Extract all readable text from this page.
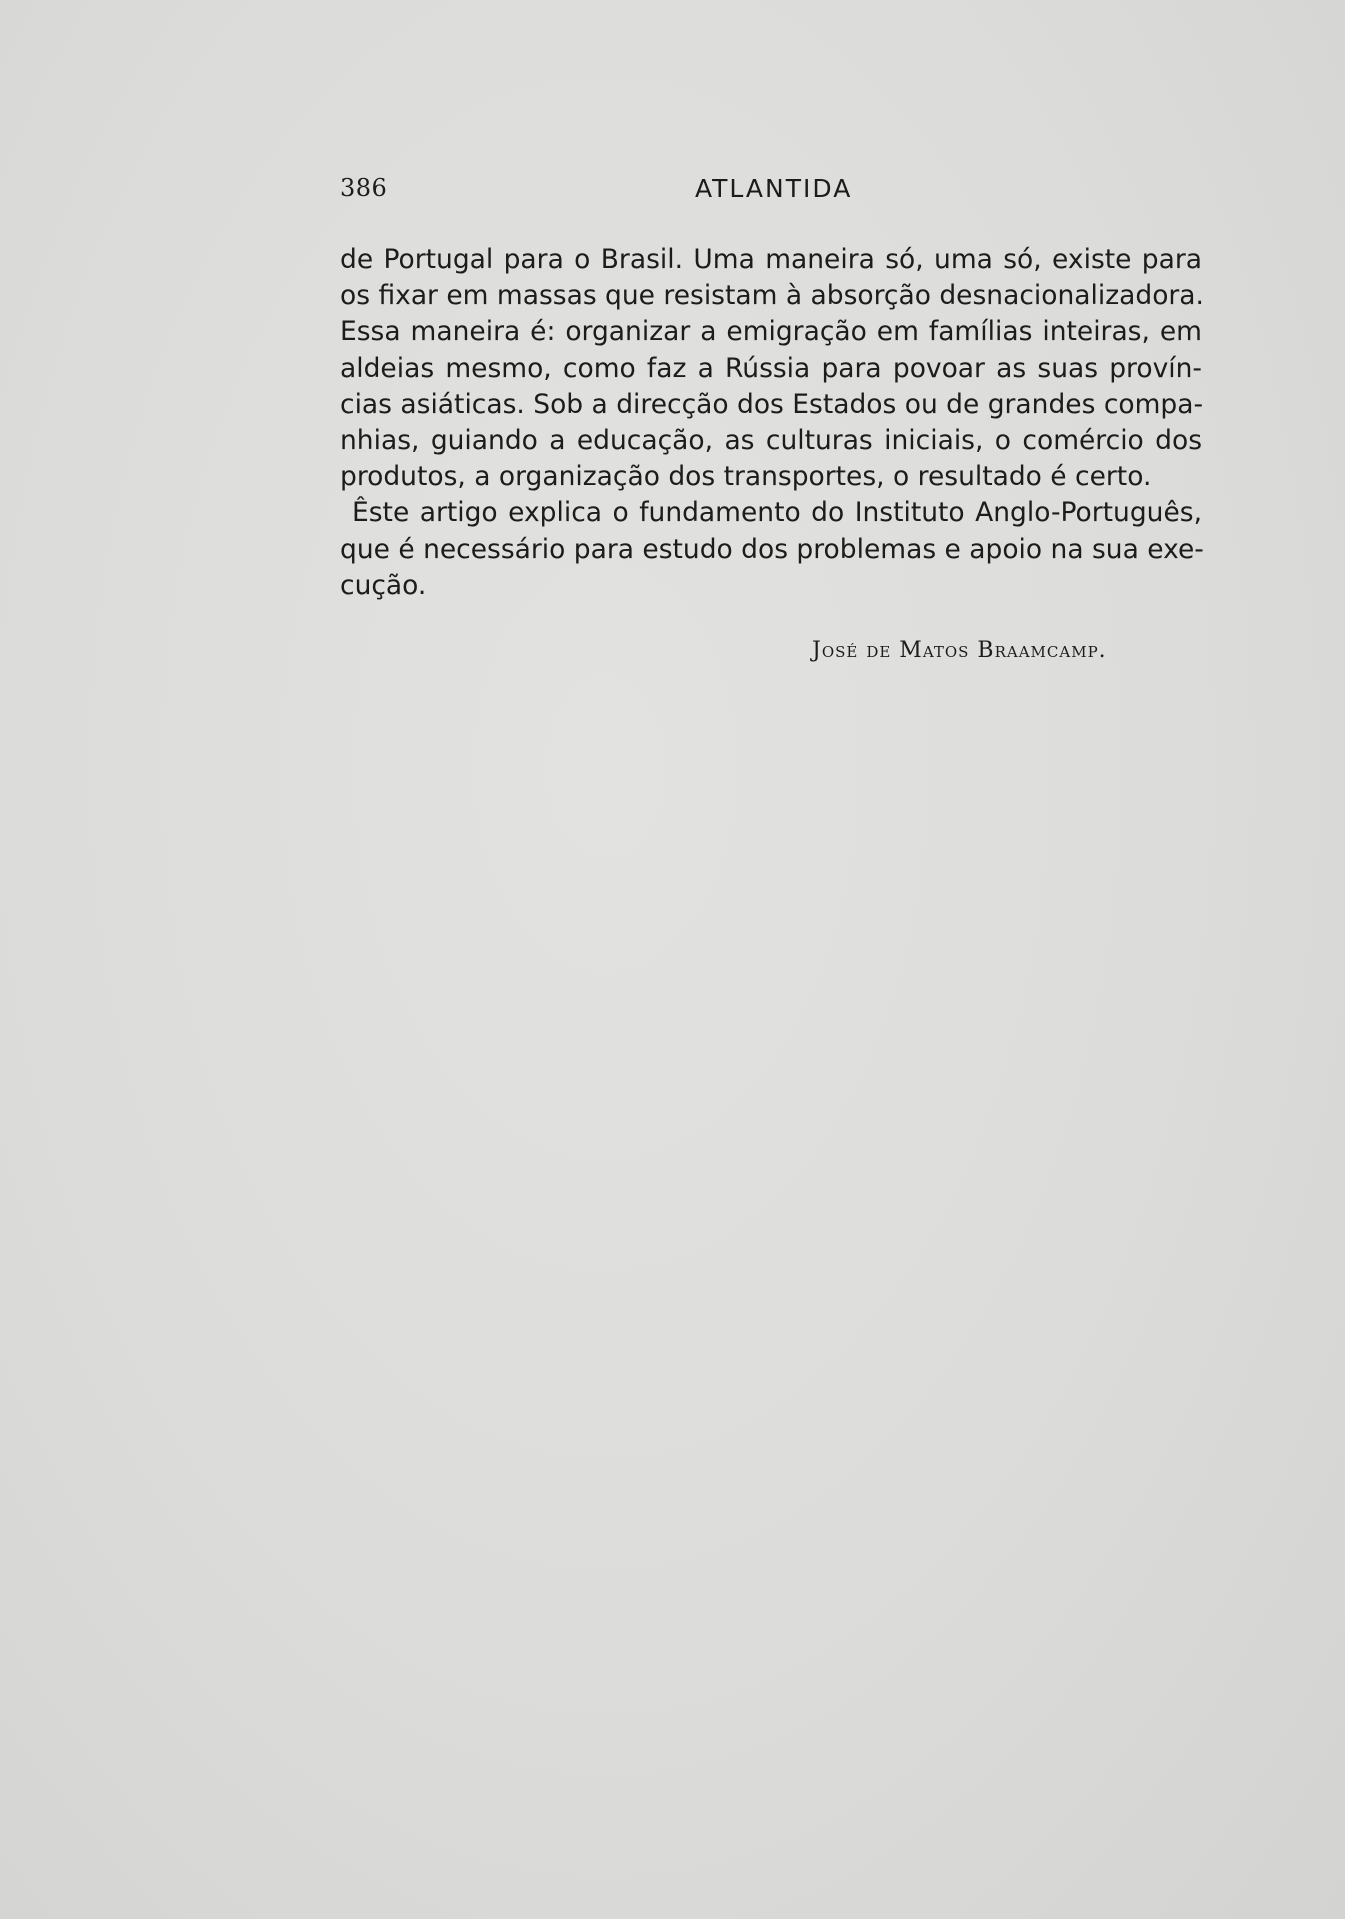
386	ATLANTIDA
de Portugal para o Brasil. Uma maneira só, uma só, existe para
os fixar em massas que resistam à absorção desnacionalizadora.
Essa maneira é: organizar a emigração em famílias inteiras, em
aldeias mesmo, como faz a Rússia para povoar as suas provín-
cias asiáticas. Sob a direcção dos Estados ou de grandes compa-
nhias, guiando a educação, as culturas iniciais, o comércio dos
produtos, a organização dos transportes, o resultado é certo.
Êste artigo explica o fundamento do Instituto Anglo-Português,
que é necessário para estudo dos problemas e apoio na sua exe-
cução.
José de Matos Braamcamp.
